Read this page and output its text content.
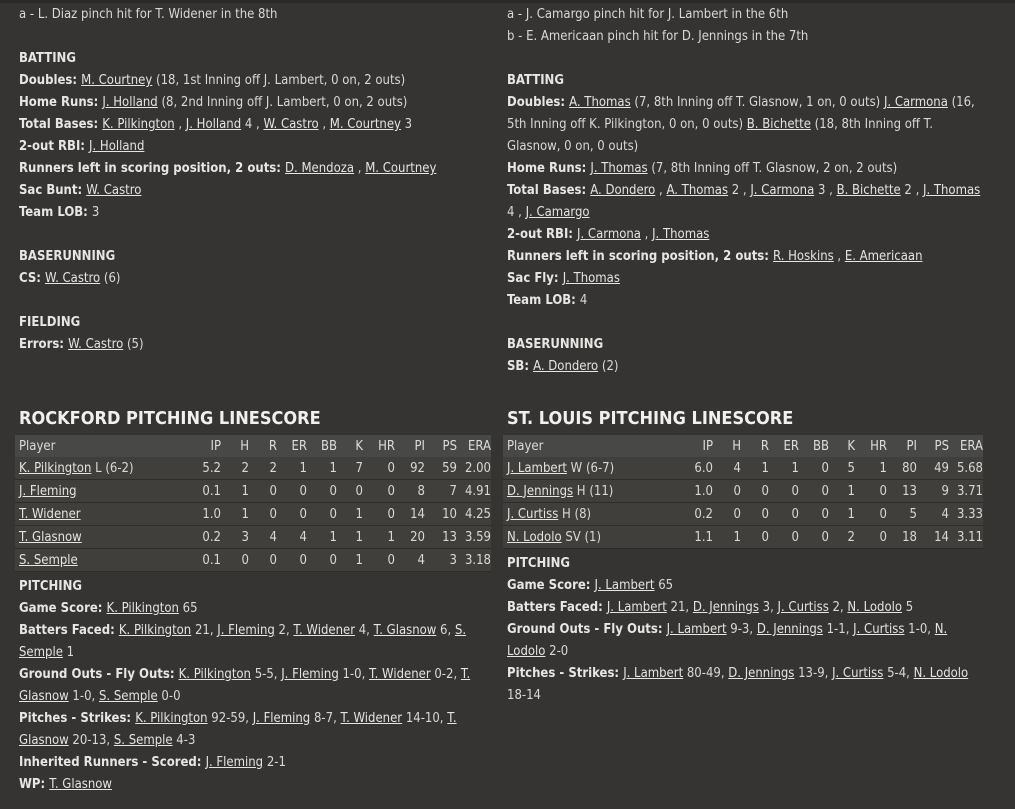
a - L. Diaz pinch hit for T. Widener in the 8th
BATTING
Doubles: M. Courtney (18, 1st Inning off J. Lambert, 0 on, 2 outs)
Home Runs: J. Holland (8, 2nd Inning off J. Lambert, 0 on, 2 outs)
Total Bases: K. Pilkington , J. Holland 4 , W. Castro , M. Courtney 3
2-out RBI: J. Holland
Runners left in scoring position, 2 outs: D. Mendoza , M. Courtney
Sac Bunt: W. Castro
Team LOB: 3
BASERUNNING
CS: W. Castro (6)
FIELDING
Errors: W. Castro (5)
ROCKFORD PITCHING LINESCORE
Player	IP	H	R	ER	BB	K	HR	PI	PS	ERA
K. Pilkington L (6-2)	5.2	2	2	1	1	7	0	92	59	2.00
J. Fleming	0.1	1	0	0	0	0	0	8	7	4.91
T. Widener	1.0	1	0	0	0	1	0	14	10	4.25
T. Glasnow	0.2	3	4	4	1	1	1	20	13	3.59
S. Semple	0.1	0	0	0	0	1	0	4	3	3.18
PITCHING
Game Score: K. Pilkington 65
Batters Faced: K. Pilkington 21, J. Fleming 2, T. Widener 4, T. Glasnow 6, S. Semple 1
Ground Outs - Fly Outs: K. Pilkington 5-5, J. Fleming 1-0, T. Widener 0-2, T. Glasnow 1-0, S. Semple 0-0
Pitches - Strikes: K. Pilkington 92-59, J. Fleming 8-7, T. Widener 14-10, T. Glasnow 20-13, S. Semple 4-3
Inherited Runners - Scored: J. Fleming 2-1
WP: T. Glasnow
a - J. Camargo pinch hit for J. Lambert in the 6th
b - E. Americaan pinch hit for D. Jennings in the 7th
BATTING
Doubles: A. Thomas (7, 8th Inning off T. Glasnow, 1 on, 0 outs) J. Carmona (16, 5th Inning off K. Pilkington, 0 on, 0 outs) B. Bichette (18, 8th Inning off T. Glasnow, 0 on, 0 outs)
Home Runs: J. Thomas (7, 8th Inning off T. Glasnow, 2 on, 2 outs)
Total Bases: A. Dondero , A. Thomas 2 , J. Carmona 3 , B. Bichette 2 , J. Thomas 4 , J. Camargo
2-out RBI: J. Carmona , J. Thomas
Runners left in scoring position, 2 outs: R. Hoskins , E. Americaan
Sac Fly: J. Thomas
Team LOB: 4
BASERUNNING
SB: A. Dondero (2)
ST. LOUIS PITCHING LINESCORE
Player	IP	H	R	ER	BB	K	HR	PI	PS	ERA
J. Lambert W (6-7)	6.0	4	1	1	0	5	1	80	49	5.68
D. Jennings H (11)	1.0	0	0	0	0	1	0	13	9	3.71
J. Curtiss H (8)	0.2	0	0	0	0	1	0	5	4	3.33
N. Lodolo SV (1)	1.1	1	0	0	0	2	0	18	14	3.11
PITCHING
Game Score: J. Lambert 65
Batters Faced: J. Lambert 21, D. Jennings 3, J. Curtiss 2, N. Lodolo 5
Ground Outs - Fly Outs: J. Lambert 9-3, D. Jennings 1-1, J. Curtiss 1-0, N. Lodolo 2-0
Pitches - Strikes: J. Lambert 80-49, D. Jennings 13-9, J. Curtiss 5-4, N. Lodolo 18-14
